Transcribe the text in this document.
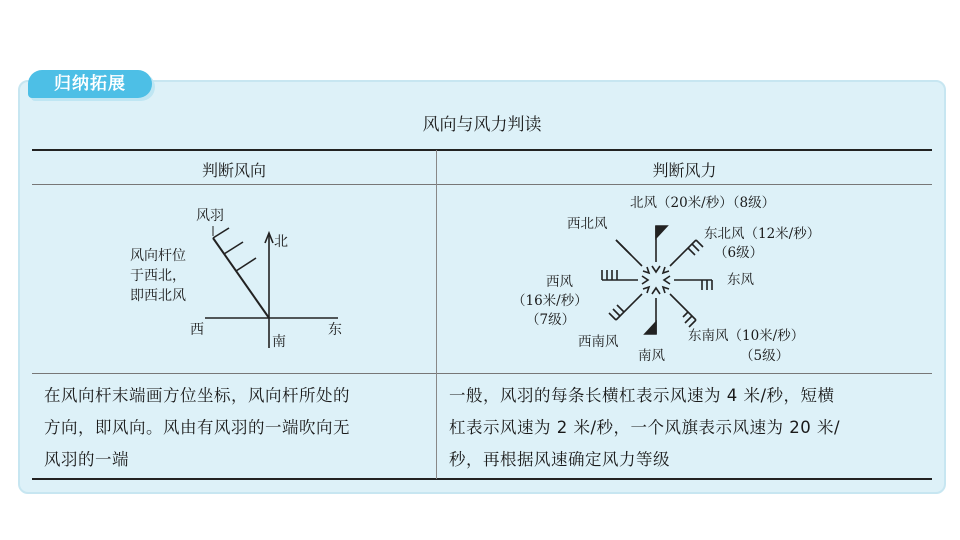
归纳拓展
风向与风力判读
判断风向	判断风力
风羽
风向杆位
于西北，
即西北风
北
南
东
西
北风（20米/秒）（8级）
西北风
东北风（12米/秒）
（6级）
西风
（16米/秒）
（7级）
东风
西南风
南风
东南风（10米/秒）
（5级）
在风向杆末端画方位坐标，风向杆所处的
方向，即风向。风由有风羽的一端吹向无
风羽的一端
一般，风羽的每条长横杠表示风速为 4 米/秒，短横
杠表示风速为 2 米/秒，一个风旗表示风速为 20 米/
秒，再根据风速确定风力等级
